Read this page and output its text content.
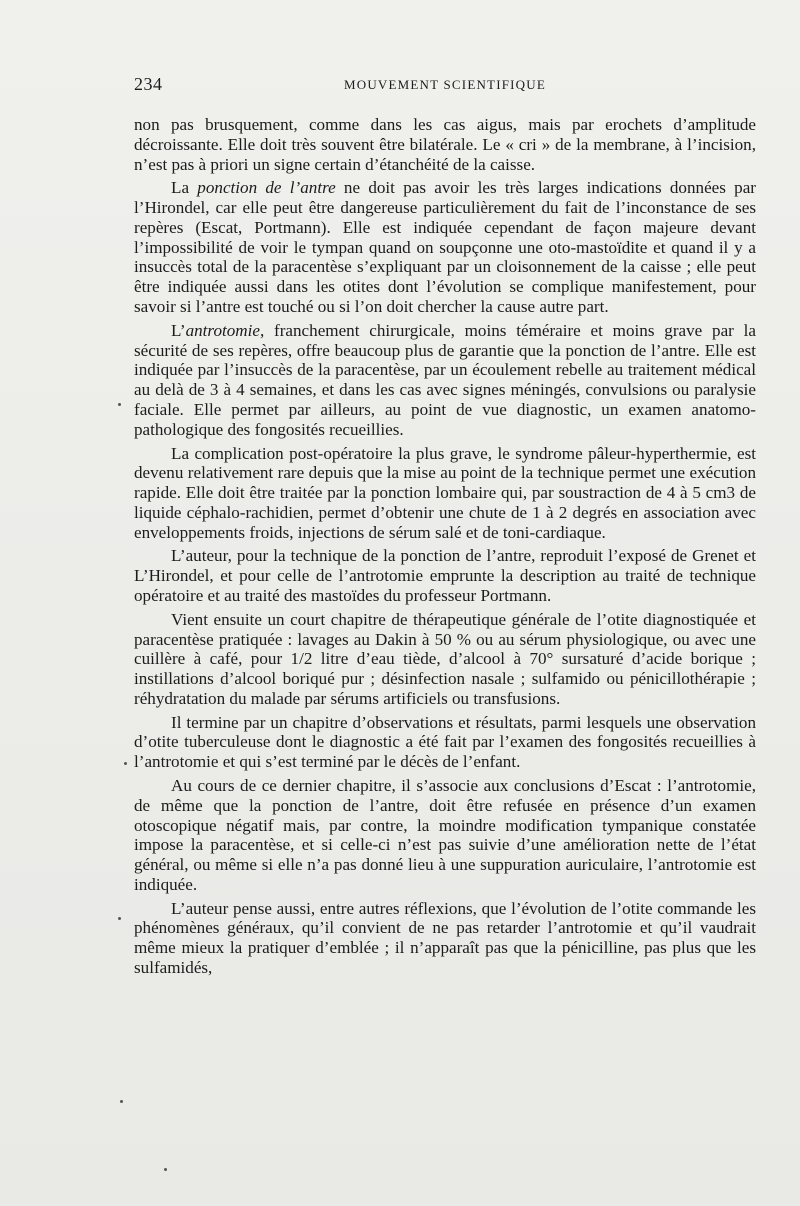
234	MOUVEMENT SCIENTIFIQUE

non pas brusquement, comme dans les cas aigus, mais par erochets d’amplitude décroissante. Elle doit très souvent être bilatérale. Le « cri » de la membrane, à l’incision, n’est pas à priori un signe certain d’étanchéité de la caisse.

La ponction de l’antre ne doit pas avoir les très larges indications données par l’Hirondel, car elle peut être dangereuse particulièrement du fait de l’inconstance de ses repères (Escat, Portmann). Elle est indiquée cependant de façon majeure devant l’impossibilité de voir le tympan quand on soupçonne une oto-mastoïdite et quand il y a insuccès total de la paracentèse s’expliquant par un cloisonnement de la caisse ; elle peut être indiquée aussi dans les otites dont l’évolution se complique manifestement, pour savoir si l’antre est touché ou si l’on doit chercher la cause autre part.

L’antrotomie, franchement chirurgicale, moins téméraire et moins grave par la sécurité de ses repères, offre beaucoup plus de garantie que la ponction de l’antre. Elle est indiquée par l’insuccès de la paracentèse, par un écoulement rebelle au traitement médical au delà de 3 à 4 semaines, et dans les cas avec signes méningés, convulsions ou paralysie faciale. Elle permet par ailleurs, au point de vue diagnostic, un examen anatomo-pathologique des fongosités recueillies.

La complication post-opératoire la plus grave, le syndrome pâleur-hyperthermie, est devenu relativement rare depuis que la mise au point de la technique permet une exécution rapide. Elle doit être traitée par la ponction lombaire qui, par soustraction de 4 à 5 cm3 de liquide céphalo-rachidien, permet d’obtenir une chute de 1 à 2 degrés en association avec enveloppements froids, injections de sérum salé et de toni-cardiaque.

L’auteur, pour la technique de la ponction de l’antre, reproduit l’exposé de Grenet et L’Hirondel, et pour celle de l’antrotomie emprunte la description au traité de technique opératoire et au traité des mastoïdes du professeur Portmann.

Vient ensuite un court chapitre de thérapeutique générale de l’otite diagnostiquée et paracentèse pratiquée : lavages au Dakin à 50 % ou au sérum physiologique, ou avec une cuillère à café, pour 1/2 litre d’eau tiède, d’alcool à 70° sursaturé d’acide borique ; instillations d’alcool boriqué pur ; désinfection nasale ; sulfamido ou pénicillothérapie ; réhydratation du malade par sérums artificiels ou transfusions.

Il termine par un chapitre d’observations et résultats, parmi lesquels une observation d’otite tuberculeuse dont le diagnostic a été fait par l’examen des fongosités recueillies à l’antrotomie et qui s’est terminé par le décès de l’enfant.

Au cours de ce dernier chapitre, il s’associe aux conclusions d’Escat : l’antrotomie, de même que la ponction de l’antre, doit être refusée en présence d’un examen otoscopique négatif mais, par contre, la moindre modification tympanique constatée impose la paracentèse, et si celle-ci n’est pas suivie d’une amélioration nette de l’état général, ou même si elle n’a pas donné lieu à une suppuration auriculaire, l’antrotomie est indiquée.

L’auteur pense aussi, entre autres réflexions, que l’évolution de l’otite commande les phénomènes généraux, qu’il convient de ne pas retarder l’antrotomie et qu’il vaudrait même mieux la pratiquer d’emblée ; il n’apparaît pas que la pénicilline, pas plus que les sulfamidés,
